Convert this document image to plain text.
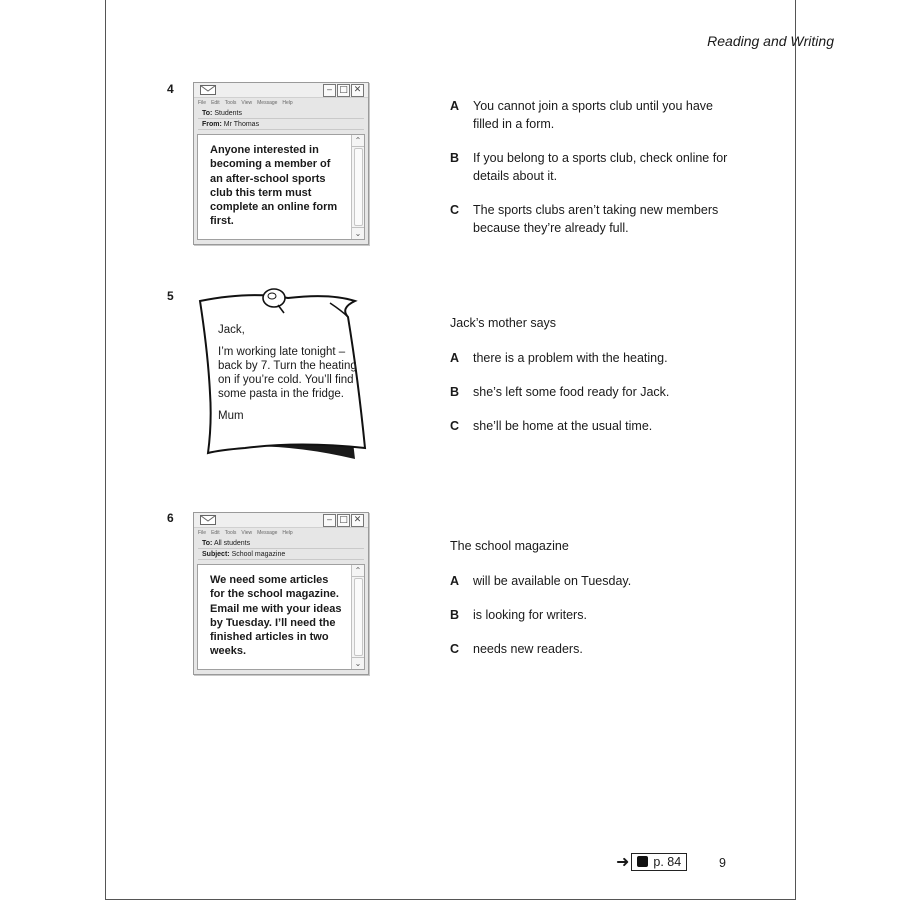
Reading and Writing
4	‒ □ ✕
File Edit Tools View Message Help
To: Students
From: Mr Thomas
Anyone interested in becoming a member of an after-school sports club this term must complete an online form first.
⌃
⌄
A	You cannot join a sports club until you have filled in a form.
B	If you belong to a sports club, check online for details about it.
C	The sports clubs aren’t taking new members because they’re already full.
5

Jack,

I’m working late tonight – back by 7. Turn the heating on if you’re cold. You’ll find some pasta in the fridge.

Mum

Jack’s mother says
A	there is a problem with the heating.
B	she’s left some food ready for Jack.
C	she’ll be home at the usual time.
6	‒ □ ✕
File Edit Tools View Message Help
To: All students
Subject: School magazine
We need some articles for the school magazine. Email me with your ideas by Tuesday. I’ll need the finished articles in two weeks.
⌃
⌄
The school magazine
A	will be available on Tuesday.
B	is looking for writers.
C	needs new readers.
➜ p. 84	9
